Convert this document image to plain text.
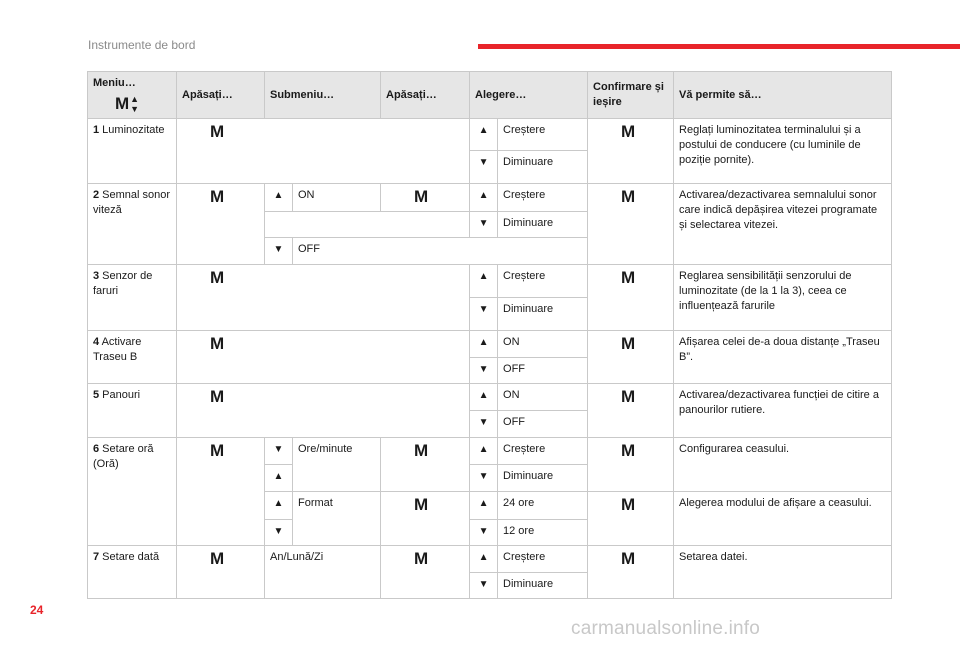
Instrumente de bord
Meniu…
M ▲
▼	Apăsați…	Submeniu…		Apăsați…	Alegere…		Confirmare și ieșire	Vă permite să…
1 Luminozitate	M				▲	Creștere	M	Reglați luminozitatea terminalului și a postului de conducere (cu luminile de poziție pornite).
					▼	Diminuare		
2 Semnal sonor viteză	M	▲	ON	M	▲	Creștere	M	Activarea/dezactivarea semnalului sonor care indică depășirea vitezei programate și selectarea vitezei.
					▼	Diminuare		
		▼	OFF					
3 Senzor de faruri	M				▲	Creștere	M	Reglarea sensibilității senzorului de luminozitate (de la 1 la 3), ceea ce influențează farurile
					▼	Diminuare		
4 Activare Traseu B	M				▲	ON	M	Afișarea celei de-a doua distanțe „Traseu B”.
					▼	OFF		
5 Panouri	M				▲	ON	M	Activarea/dezactivarea funcției de citire a panourilor rutiere.
					▼	OFF		
6 Setare oră (Oră)	M	▼	Ore/minute	M	▲	Creștere	M	Configurarea ceasului.
		▲			▼	Diminuare		
		▲	Format	M	▲	24 ore	M	Alegerea modului de afișare a ceasului.
		▼			▼	12 ore		
7 Setare dată	M	An/Lună/Zi		M	▲	Creștere	M	Setarea datei.
					▼	Diminuare		
24
carmanualsonline.info
